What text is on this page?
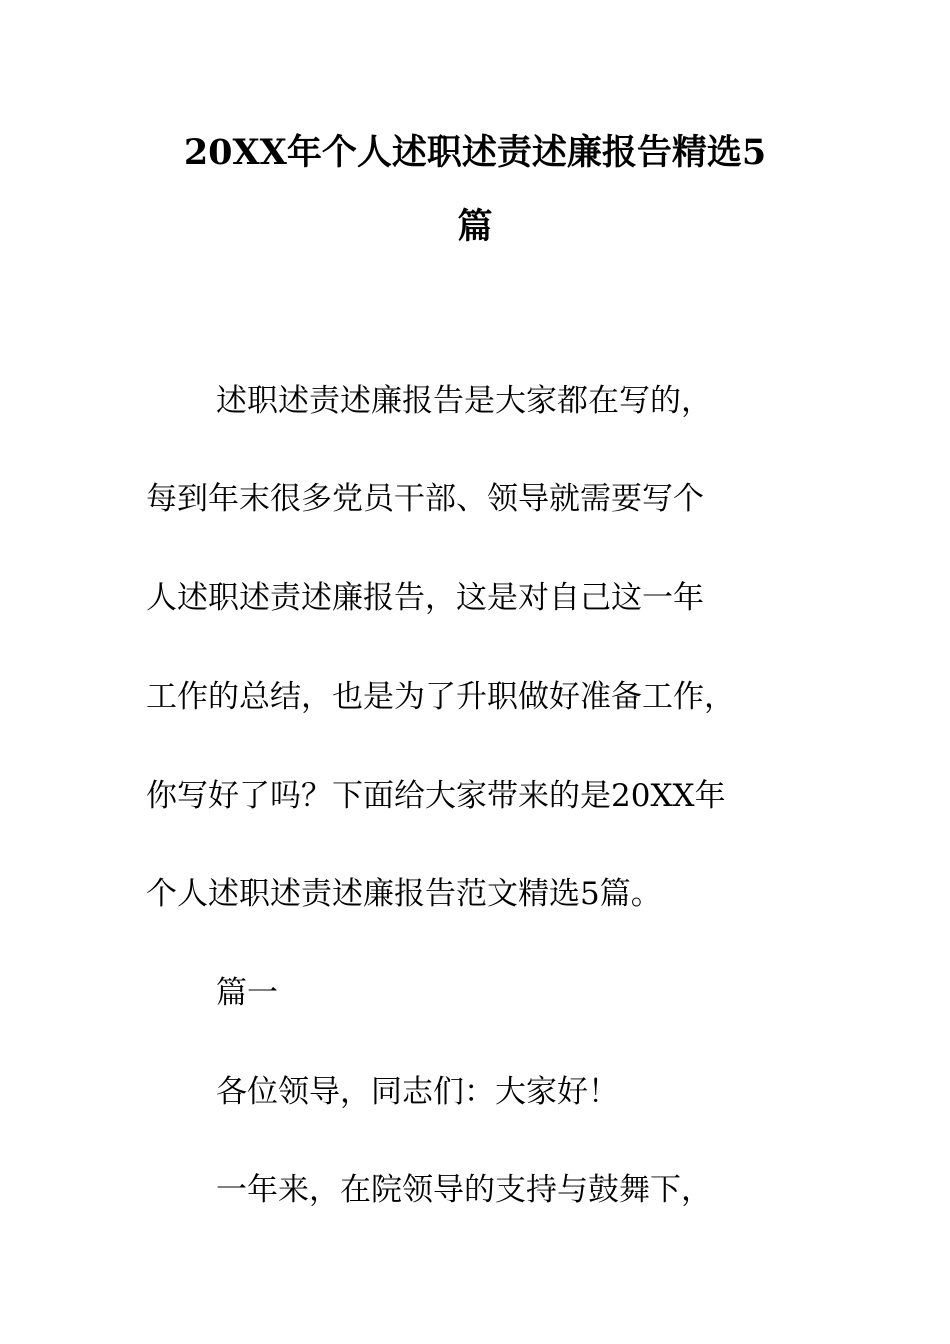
20XX年个人述职述责述廉报告精选5
篇
述职述责述廉报告是大家都在写的，
每到年末很多党员干部、领导就需要写个
人述职述责述廉报告，这是对自己这一年
工作的总结，也是为了升职做好准备工作，
你写好了吗？下面给大家带来的是20XX年
个人述职述责述廉报告范文精选5篇。
篇一
各位领导，同志们：大家好！
一年来，在院领导的支持与鼓舞下，
